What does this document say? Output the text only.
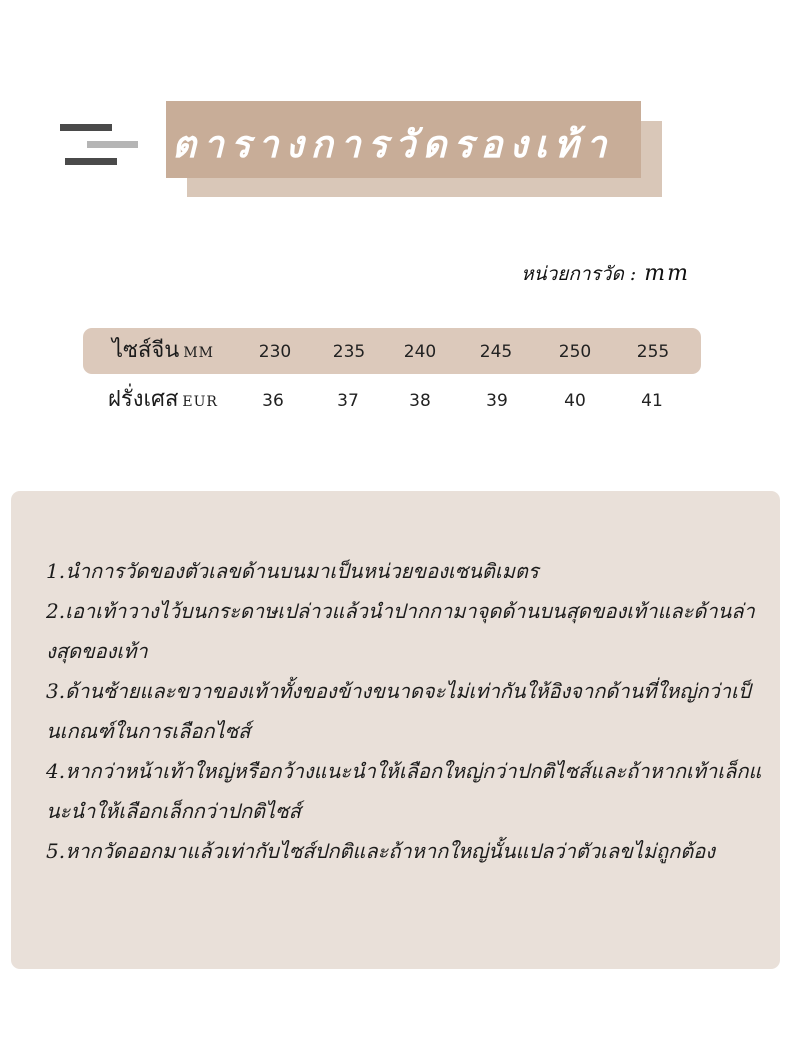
ตารางการวัดรองเท้า
หน่วยการวัด : mm
ไซส์จีน MM	230	235	240	245	250	255
ฝรั่งเศส EUR	36	37	38	39	40	41
1.นำการวัดของตัวเลขด้านบนมาเป็นหน่วยของเซนติเมตร
2.เอาเท้าวางไว้บนกระดาษเปล่าวแล้วนำปากกามาจุดด้านบนสุดของเท้าและด้านล่างสุดของเท้า
3.ด้านซ้ายและขวาของเท้าทั้งของข้างขนาดจะไม่เท่ากันให้อิงจากด้านที่ใหญ่กว่าเป็นเกณฑ์ในการเลือกไซส์
4.หากว่าหน้าเท้าใหญ่หรือกว้างแนะนำให้เลือกใหญ่กว่าปกติไซส์และถ้าหากเท้าเล็กแนะนำให้เลือกเล็กกว่าปกติไซส์
5.หากวัดออกมาแล้วเท่ากับไซส์ปกติและถ้าหากใหญ่นั้นแปลว่าตัวเลขไม่ถูกต้อง
